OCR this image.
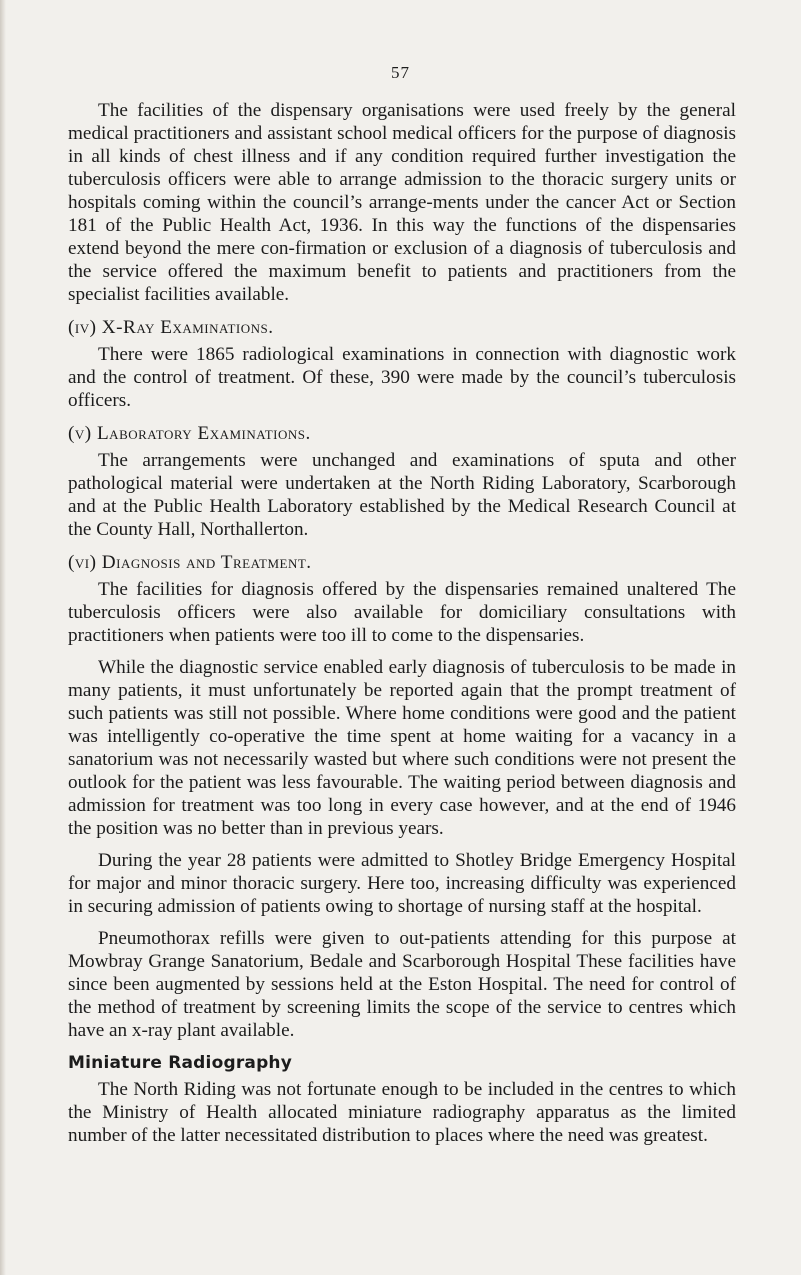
57

The facilities of the dispensary organisations were used freely by the general medical practitioners and assistant school medical officers for the purpose of diagnosis in all kinds of chest illness and if any condition required further investigation the tuberculosis officers were able to arrange admission to the thoracic surgery units or hospitals coming within the council’s arrange-ments under the cancer Act or Section 181 of the Public Health Act, 1936. In this way the functions of the dispensaries extend beyond the mere con-firmation or exclusion of a diagnosis of tuberculosis and the service offered the maximum benefit to patients and practitioners from the specialist facilities available.

(iv) X-Ray Examinations.

There were 1865 radiological examinations in connection with diagnostic work and the control of treatment. Of these, 390 were made by the council’s tuberculosis officers.

(v) Laboratory Examinations.

The arrangements were unchanged and examinations of sputa and other pathological material were undertaken at the North Riding Laboratory, Scarborough and at the Public Health Laboratory established by the Medical Research Council at the County Hall, Northallerton.

(vi) Diagnosis and Treatment.

The facilities for diagnosis offered by the dispensaries remained unaltered The tuberculosis officers were also available for domiciliary consultations with practitioners when patients were too ill to come to the dispensaries.

While the diagnostic service enabled early diagnosis of tuberculosis to be made in many patients, it must unfortunately be reported again that the prompt treatment of such patients was still not possible. Where home conditions were good and the patient was intelligently co-operative the time spent at home waiting for a vacancy in a sanatorium was not necessarily wasted but where such conditions were not present the outlook for the patient was less favourable. The waiting period between diagnosis and admission for treatment was too long in every case however, and at the end of 1946 the position was no better than in previous years.

During the year 28 patients were admitted to Shotley Bridge Emergency Hospital for major and minor thoracic surgery. Here too, increasing difficulty was experienced in securing admission of patients owing to shortage of nursing staff at the hospital.

Pneumothorax refills were given to out-patients attending for this purpose at Mowbray Grange Sanatorium, Bedale and Scarborough Hospital These facilities have since been augmented by sessions held at the Eston Hospital. The need for control of the method of treatment by screening limits the scope of the service to centres which have an x-ray plant available.

Miniature Radiography

The North Riding was not fortunate enough to be included in the centres to which the Ministry of Health allocated miniature radiography apparatus as the limited number of the latter necessitated distribution to places where the need was greatest.
